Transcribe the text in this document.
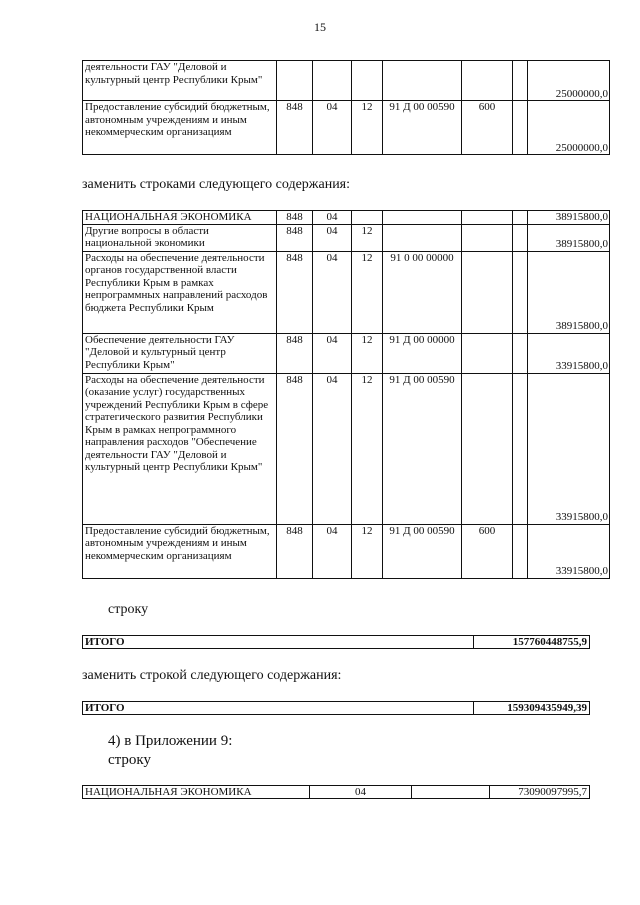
15
деятельности ГАУ "Деловой и культурный центр Республики Крым"							25000000,0
Предоставление субсидий бюджетным, автономным учреждениям и иным некоммерческим организациям	848	04	12	91 Д 00 00590	600		25000000,0
заменить строками следующего содержания:
НАЦИОНАЛЬНАЯ ЭКОНОМИКА	848	04					38915800,0
Другие вопросы в области национальной экономики	848	04	12				38915800,0
Расходы на обеспечение деятельности органов государственной власти Республики Крым в рамках непрограммных направлений расходов бюджета Республики Крым	848	04	12	91 0 00 00000			38915800,0
Обеспечение деятельности ГАУ "Деловой и культурный центр Республики Крым"	848	04	12	91 Д 00 00000			33915800,0
Расходы на обеспечение деятельности (оказание услуг) государственных учреждений Республики Крым в сфере стратегического развития Республики Крым в рамках непрограммного направления расходов "Обеспечение деятельности ГАУ "Деловой и культурный центр Республики Крым"	848	04	12	91 Д 00 00590			33915800,0
Предоставление субсидий бюджетным, автономным учреждениям и иным некоммерческим организациям	848	04	12	91 Д 00 00590	600		33915800,0
строку
ИТОГО	157760448755,9
заменить строкой следующего содержания:
ИТОГО	159309435949,39
4) в Приложении 9:
строку
НАЦИОНАЛЬНАЯ ЭКОНОМИКА	04		73090097995,7
